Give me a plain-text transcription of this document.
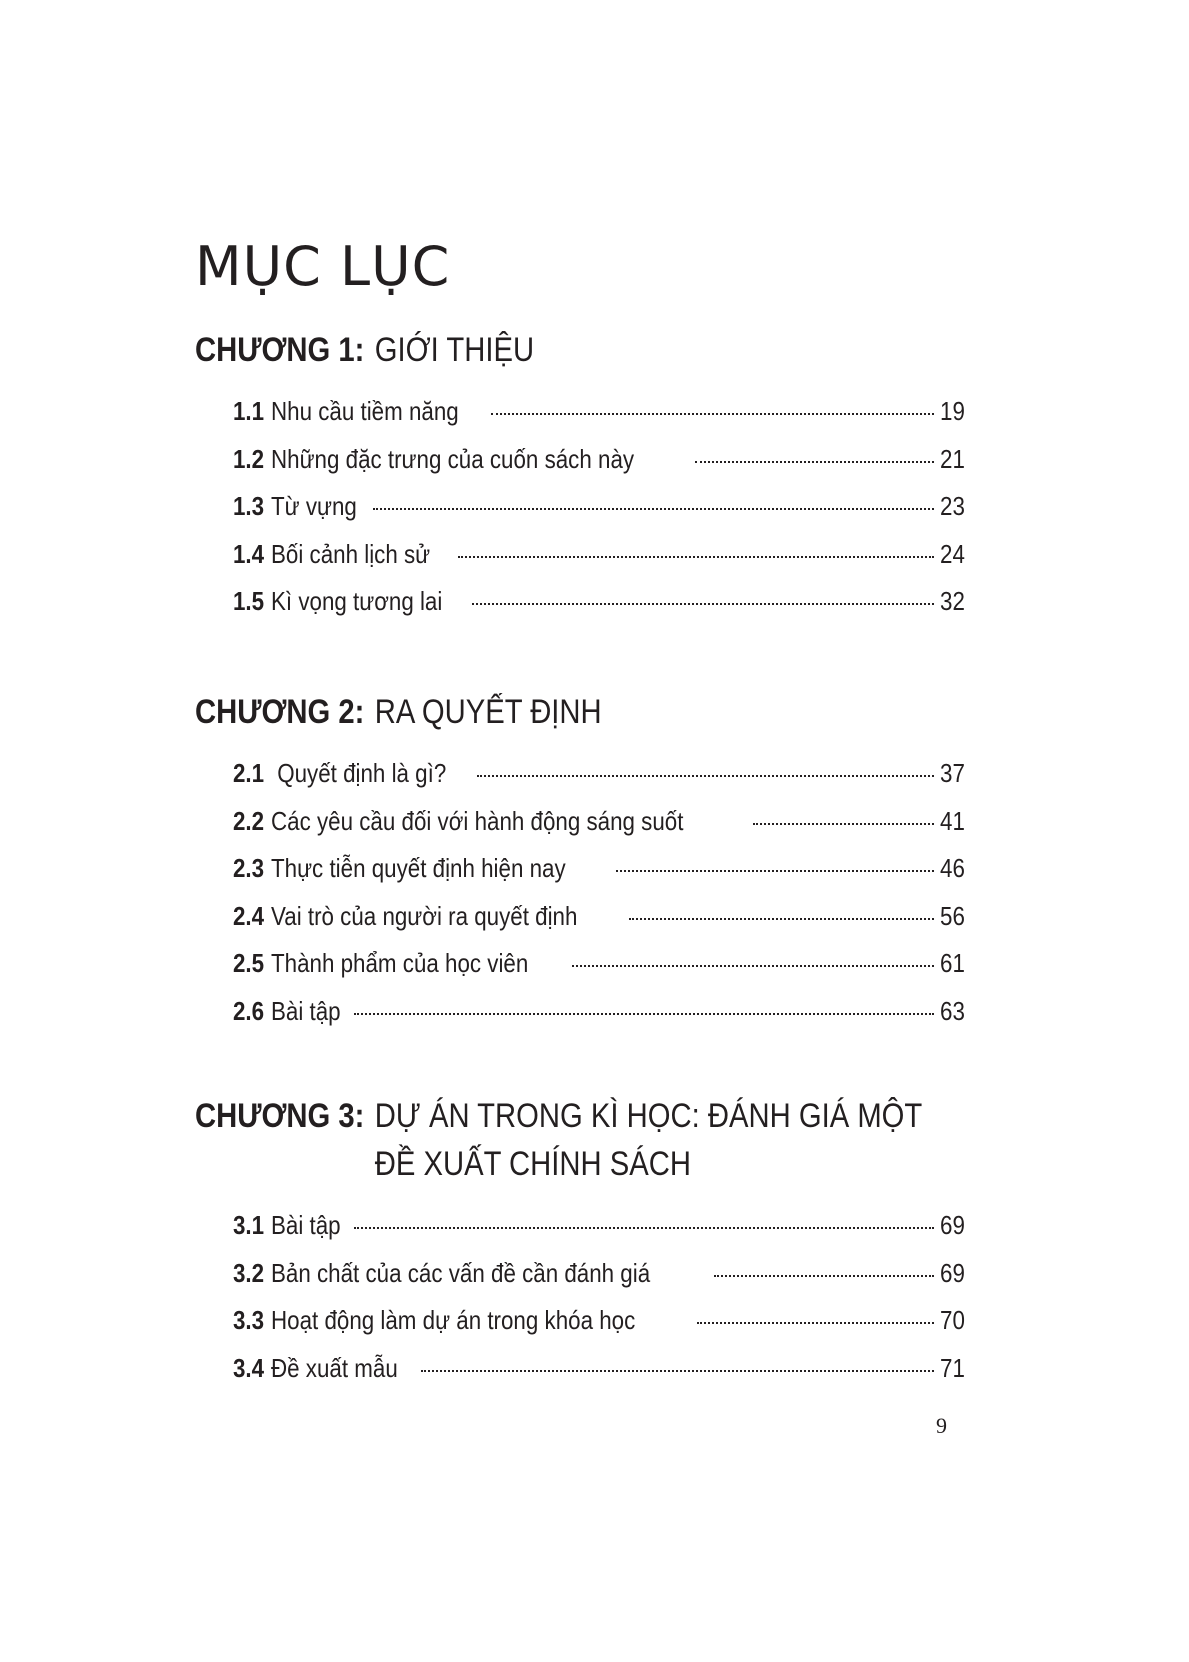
MỤC LỤC
CHƯƠNG 1: GIỚI THIỆU
1.1 Nhu cầu tiềm năng	19
1.2 Những đặc trưng của cuốn sách này	21
1.3 Từ vựng	23
1.4 Bối cảnh lịch sử	24
1.5 Kì vọng tương lai	32
CHƯƠNG 2: RA QUYẾT ĐỊNH
2.1 Quyết định là gì?	37
2.2 Các yêu cầu đối với hành động sáng suốt	41
2.3 Thực tiễn quyết định hiện nay	46
2.4 Vai trò của người ra quyết định	56
2.5 Thành phẩm của học viên	61
2.6 Bài tập	63
CHƯƠNG 3: DỰ ÁN TRONG KÌ HỌC: ĐÁNH GIÁ MỘT ĐỀ XUẤT CHÍNH SÁCH
3.1 Bài tập	69
3.2 Bản chất của các vấn đề cần đánh giá	69
3.3 Hoạt động làm dự án trong khóa học	70
3.4 Đề xuất mẫu	71
9
